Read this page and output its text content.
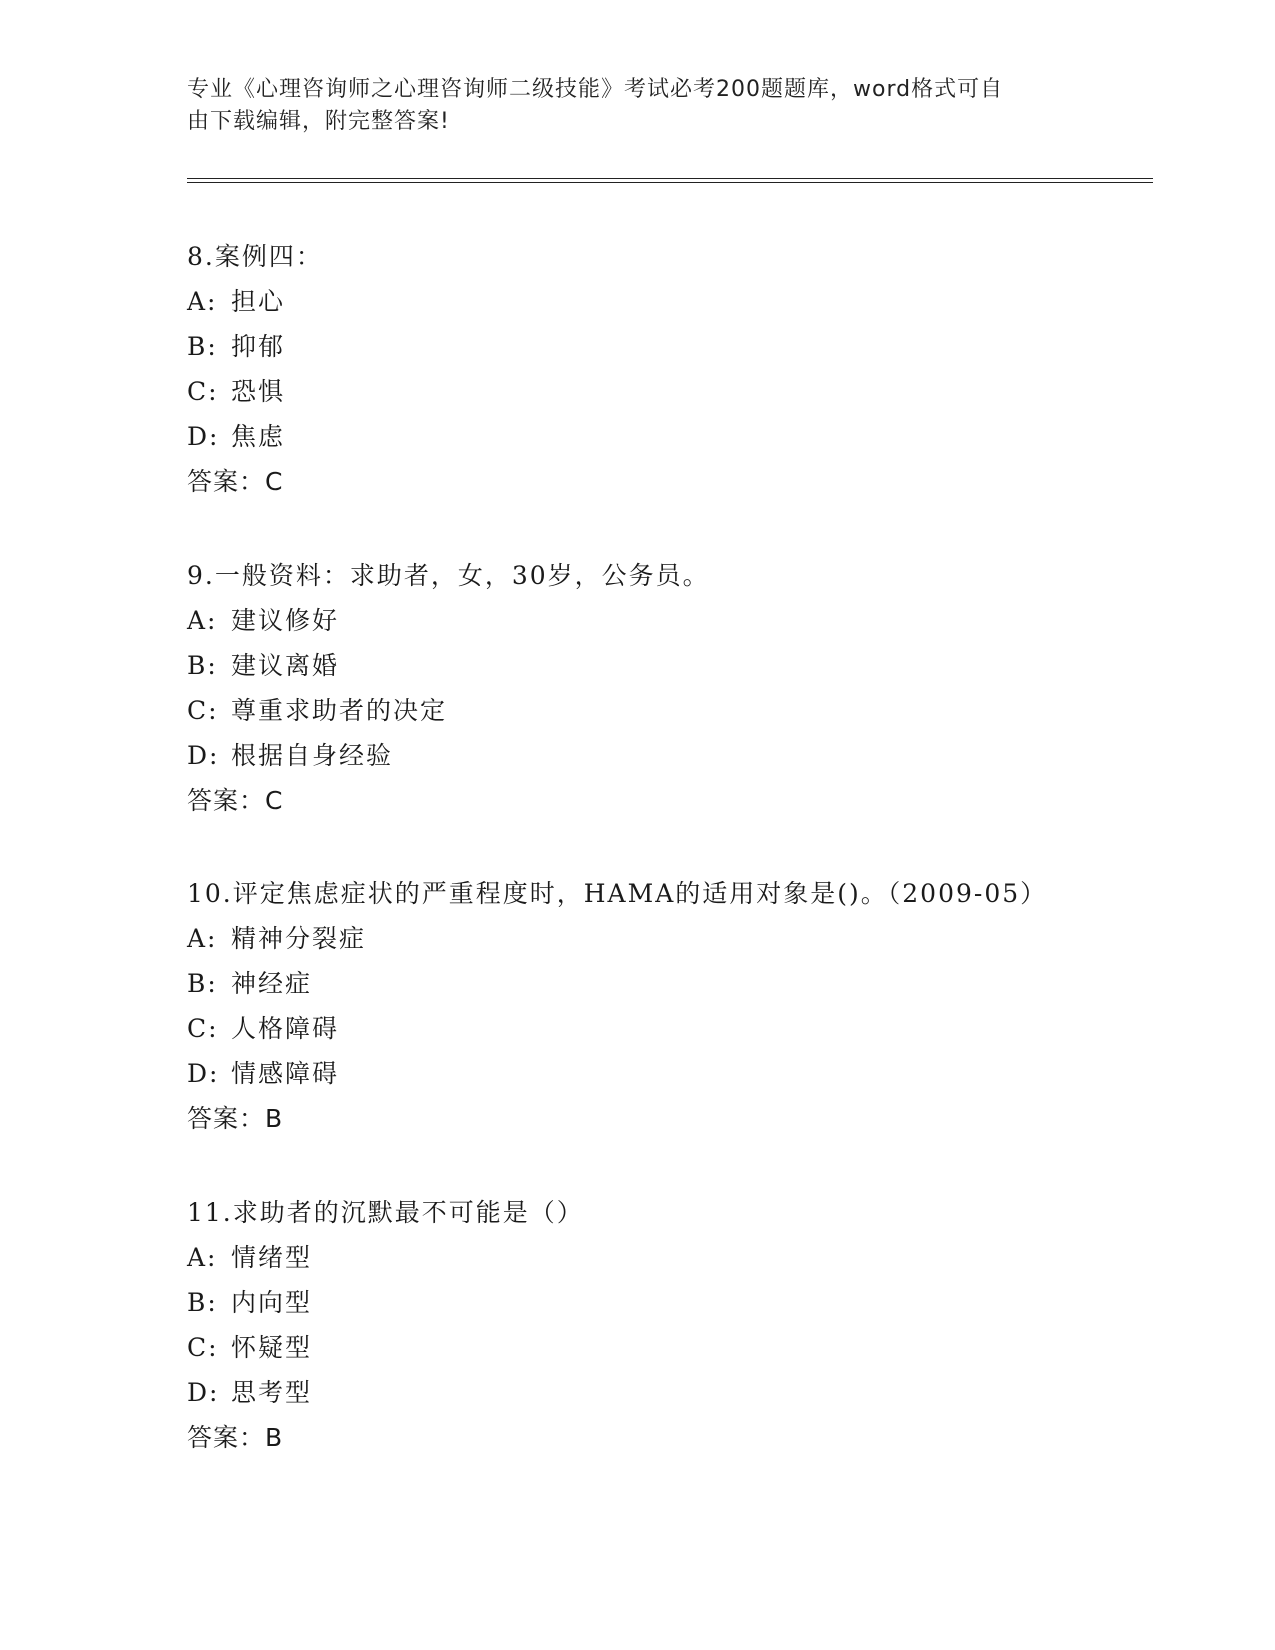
专业《心理咨询师之心理咨询师二级技能》考试必考200题题库，word格式可自
由下载编辑，附完整答案!
8.案例四：
A: 担心
B: 抑郁
C: 恐惧
D: 焦虑
答案：C
9.一般资料：求助者，女，30岁，公务员。
A: 建议修好
B: 建议离婚
C: 尊重求助者的决定
D: 根据自身经验
答案：C
10.评定焦虑症状的严重程度时，HAMA的适用对象是()。（2009-05）
A: 精神分裂症
B: 神经症
C: 人格障碍
D: 情感障碍
答案：B
11.求助者的沉默最不可能是（）
A: 情绪型
B: 内向型
C: 怀疑型
D: 思考型
答案：B
